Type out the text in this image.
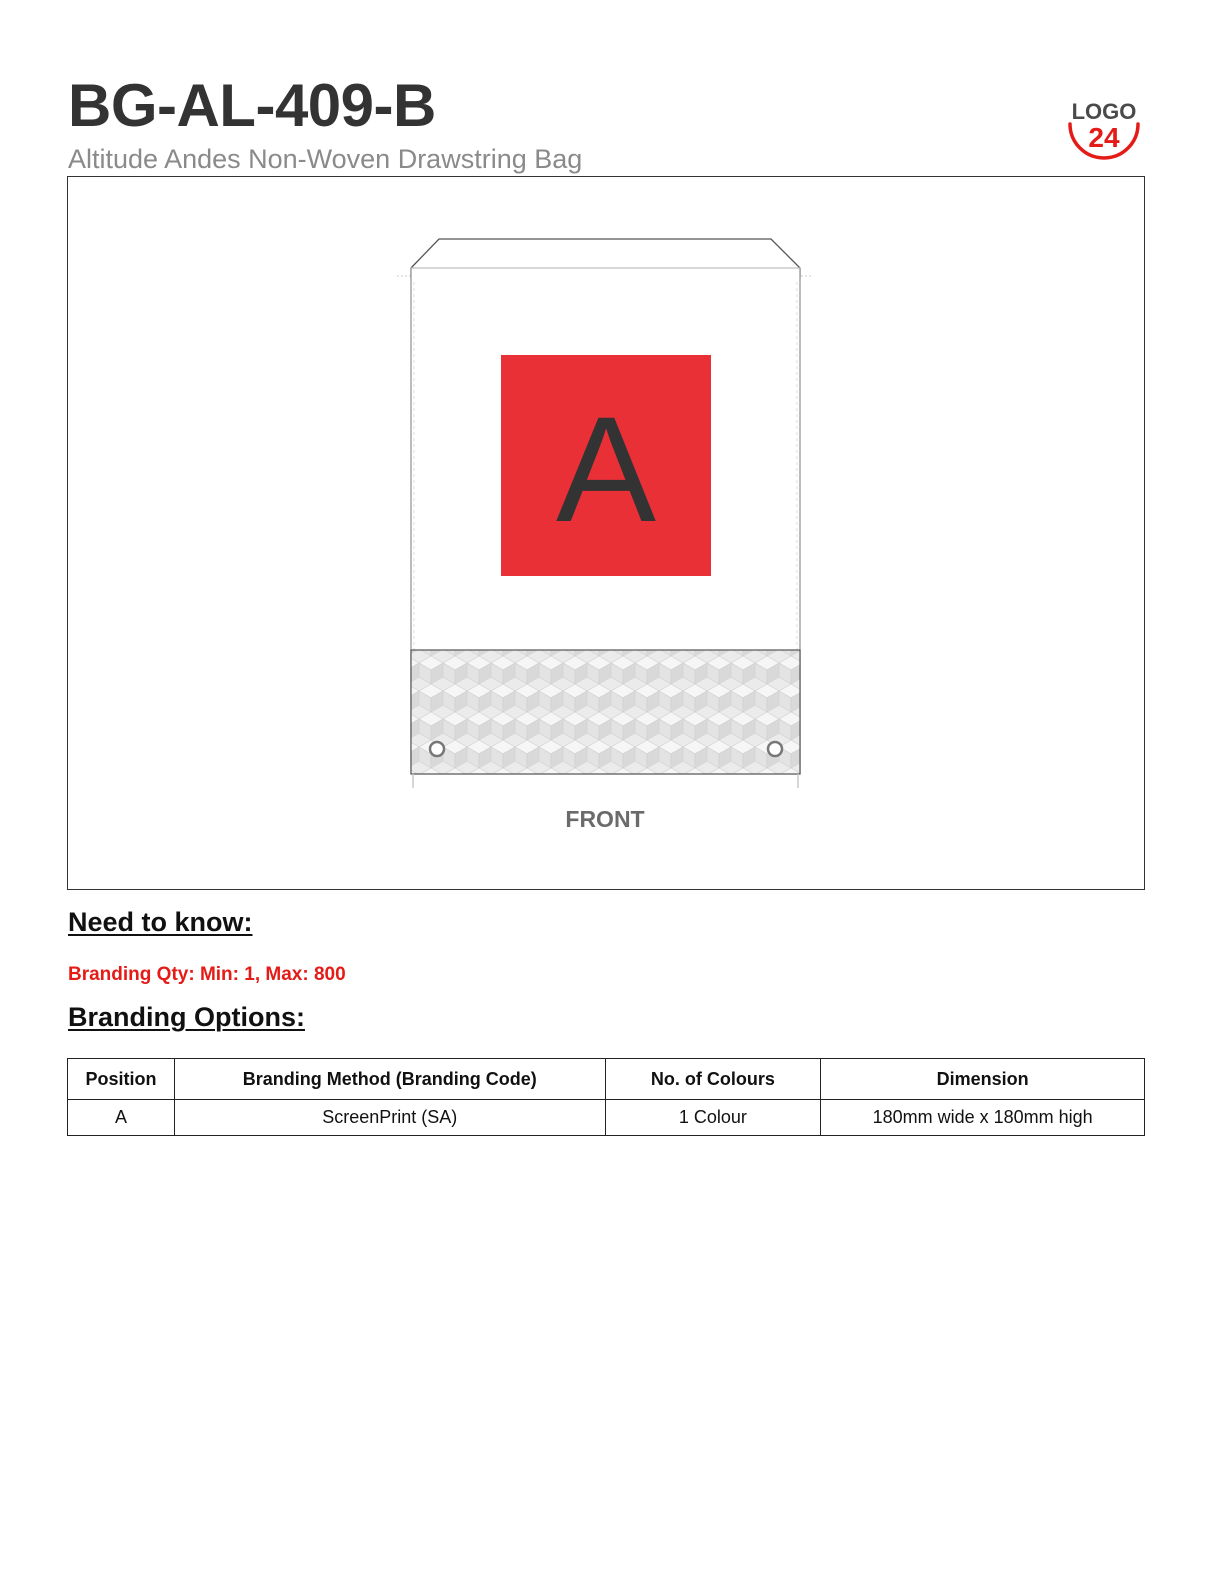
BG-AL-409-B
Altitude Andes Non-Woven Drawstring Bag
LOGO
24
A
FRONT
Need to know:
Branding Qty: Min: 1, Max: 800
Branding Options:
Position	Branding Method (Branding Code)	No. of Colours	Dimension
A	ScreenPrint (SA)	1 Colour	180mm wide x 180mm high
